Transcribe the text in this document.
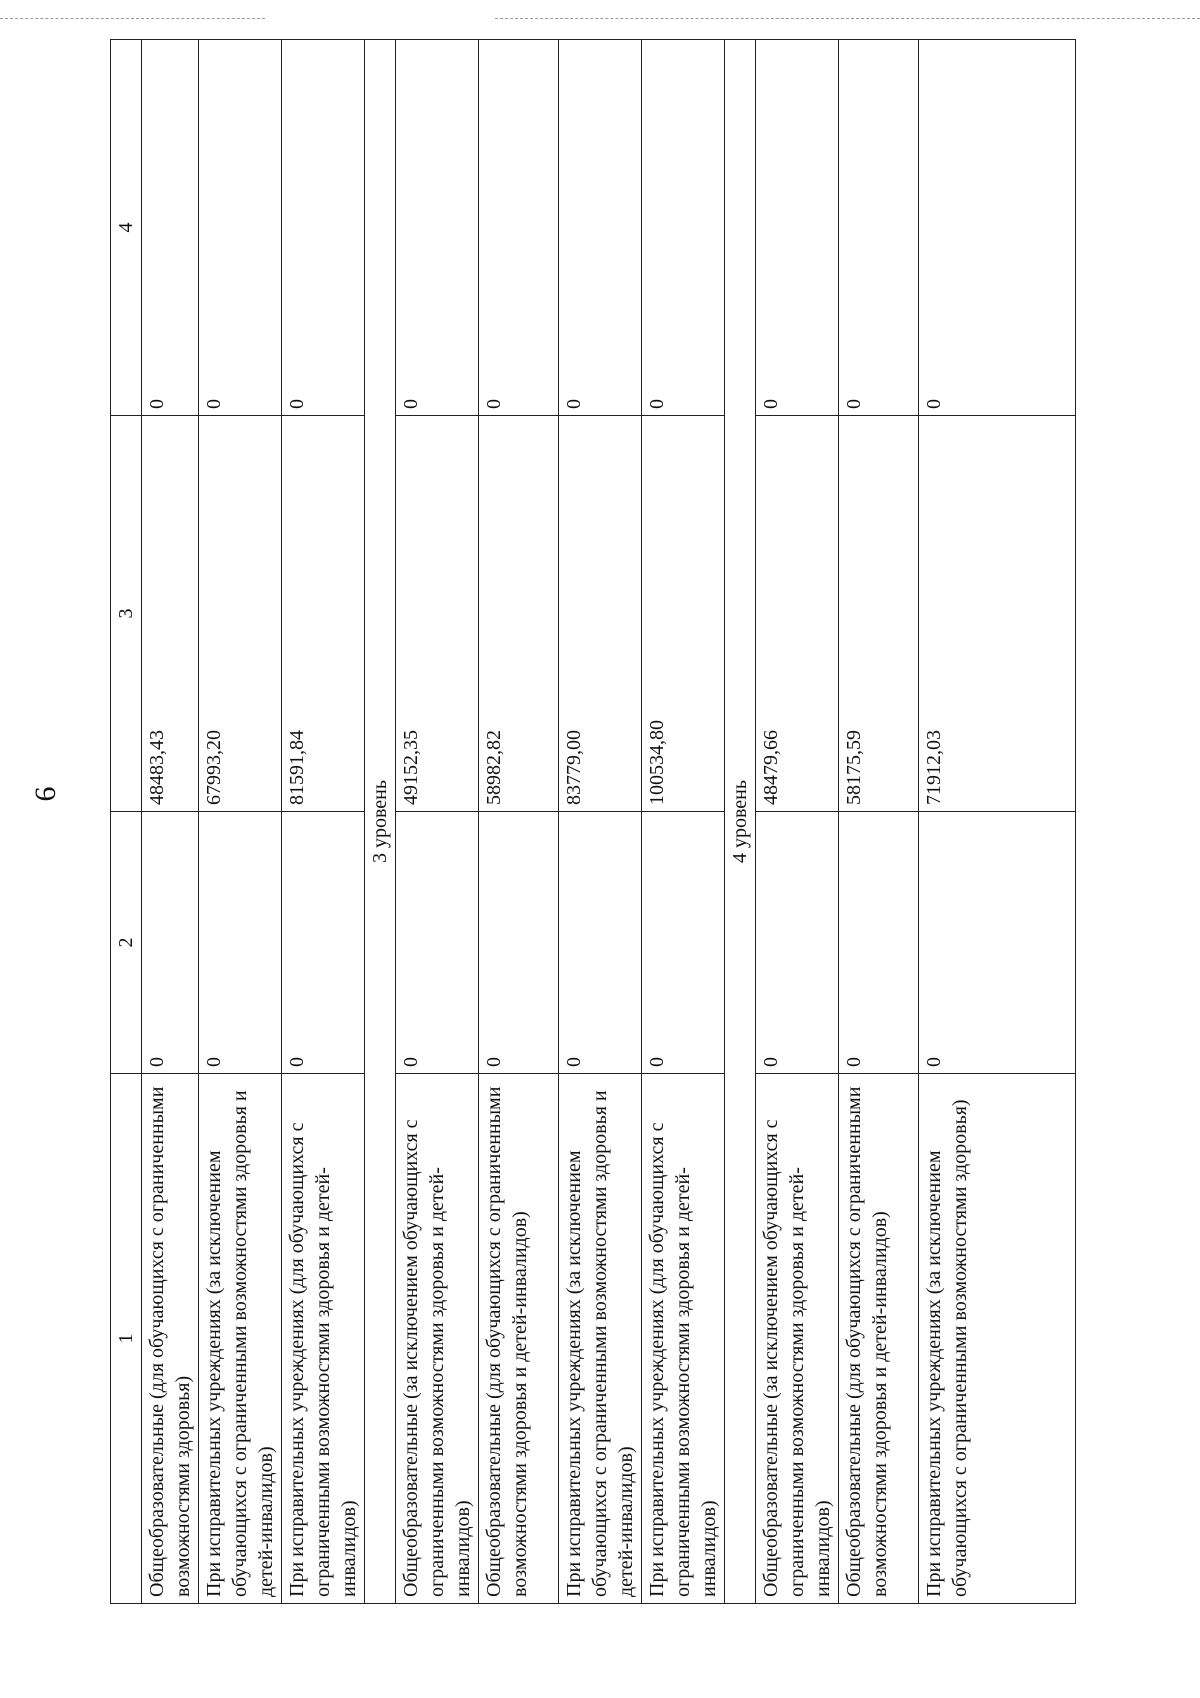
6
1	2	3	4
Общеобразовательные (для обучающихся с ограниченными возможностями здоровья)	0	48483,43	0
При исправительных учреждениях (за исключением обучающихся с ограниченными возможностями здоровья и детей-инвалидов)	0	67993,20	0
При исправительных учреждениях (для обучающихся с ограниченными возможностями здоровья и детей-инвалидов)	0	81591,84	0
3 уровень			
Общеобразовательные (за исключением обучающихся с ограниченными возможностями здоровья и детей-инвалидов)	0	49152,35	0
Общеобразовательные (для обучающихся с ограниченными возможностями здоровья и детей-инвалидов)	0	58982,82	0
При исправительных учреждениях (за исключением обучающихся с ограниченными возможностями здоровья и детей-инвалидов)	0	83779,00	0
При исправительных учреждениях (для обучающихся с ограниченными возможностями здоровья и детей-инвалидов)	0	100534,80	0
4 уровень			
Общеобразовательные (за исключением обучающихся с ограниченными возможностями здоровья и детей-инвалидов)	0	48479,66	0
Общеобразовательные (для обучающихся с ограниченными возможностями здоровья и детей-инвалидов)	0	58175,59	0
При исправительных учреждениях (за исключением обучающихся с ограниченными возможностями здоровья)	0	71912,03	0
